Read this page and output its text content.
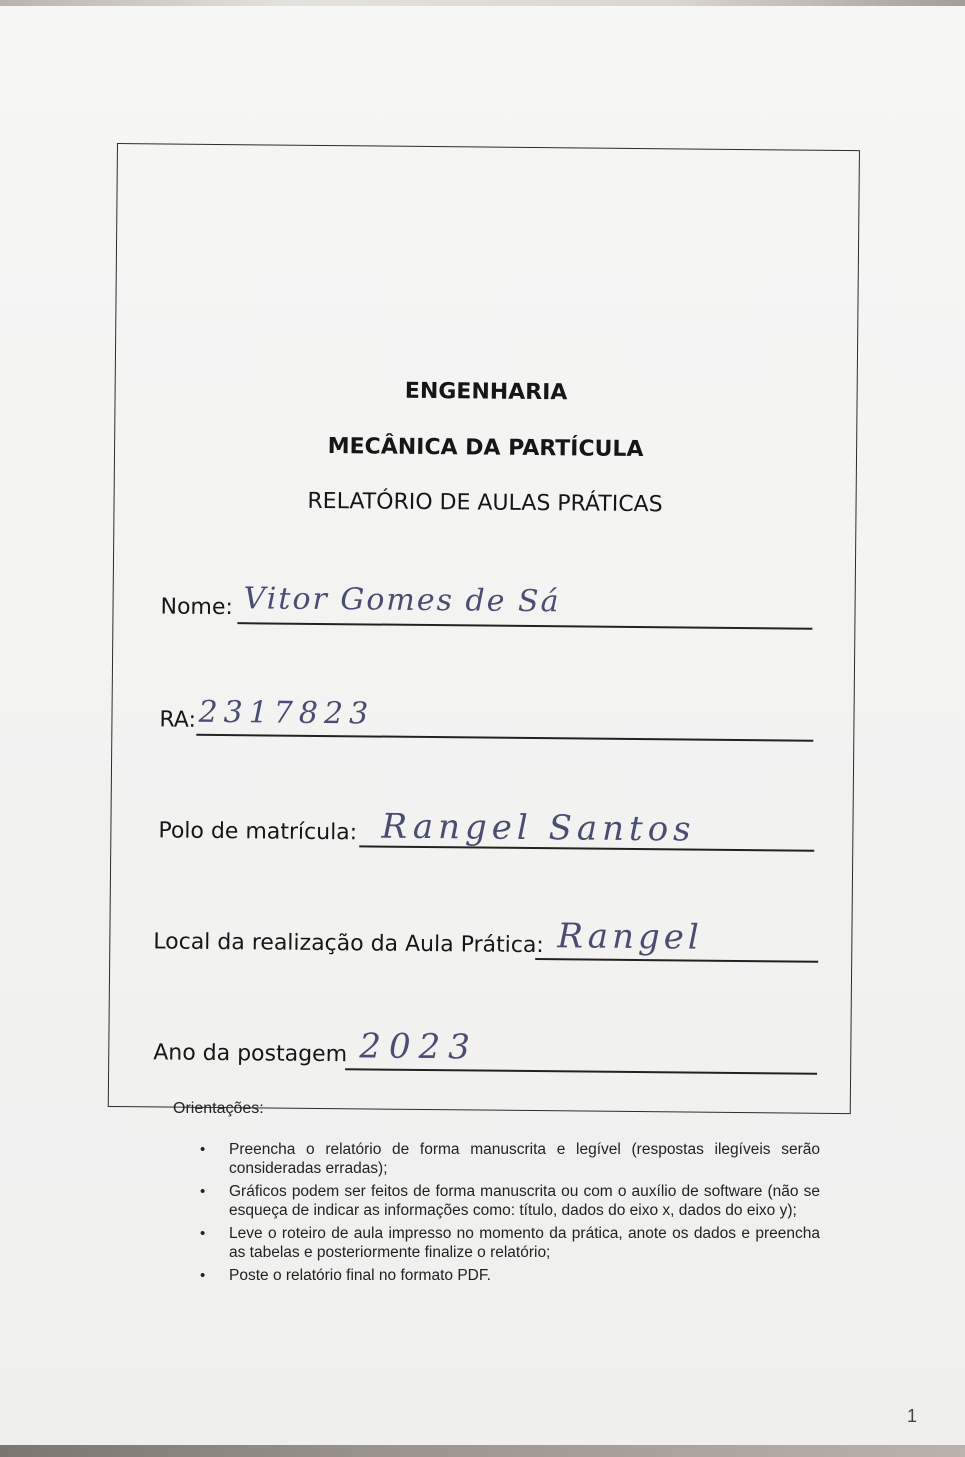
ENGENHARIA
MECÂNICA DA PARTÍCULA
RELATÓRIO DE AULAS PRÁTICAS
Nome: Vitor Gomes de Sá
RA: 2317823
Polo de matrícula: Rangel Santos
Local da realização da Aula Prática: Rangel
Ano da postagem 2023
Orientações:
• Preencha o relatório de forma manuscrita e legível (respostas ilegíveis serão consideradas erradas);
• Gráficos podem ser feitos de forma manuscrita ou com o auxílio de software (não se esqueça de indicar as informações como: título, dados do eixo x, dados do eixo y);
• Leve o roteiro de aula impresso no momento da prática, anote os dados e preencha as tabelas e posteriormente finalize o relatório;
• Poste o relatório final no formato PDF.
1
